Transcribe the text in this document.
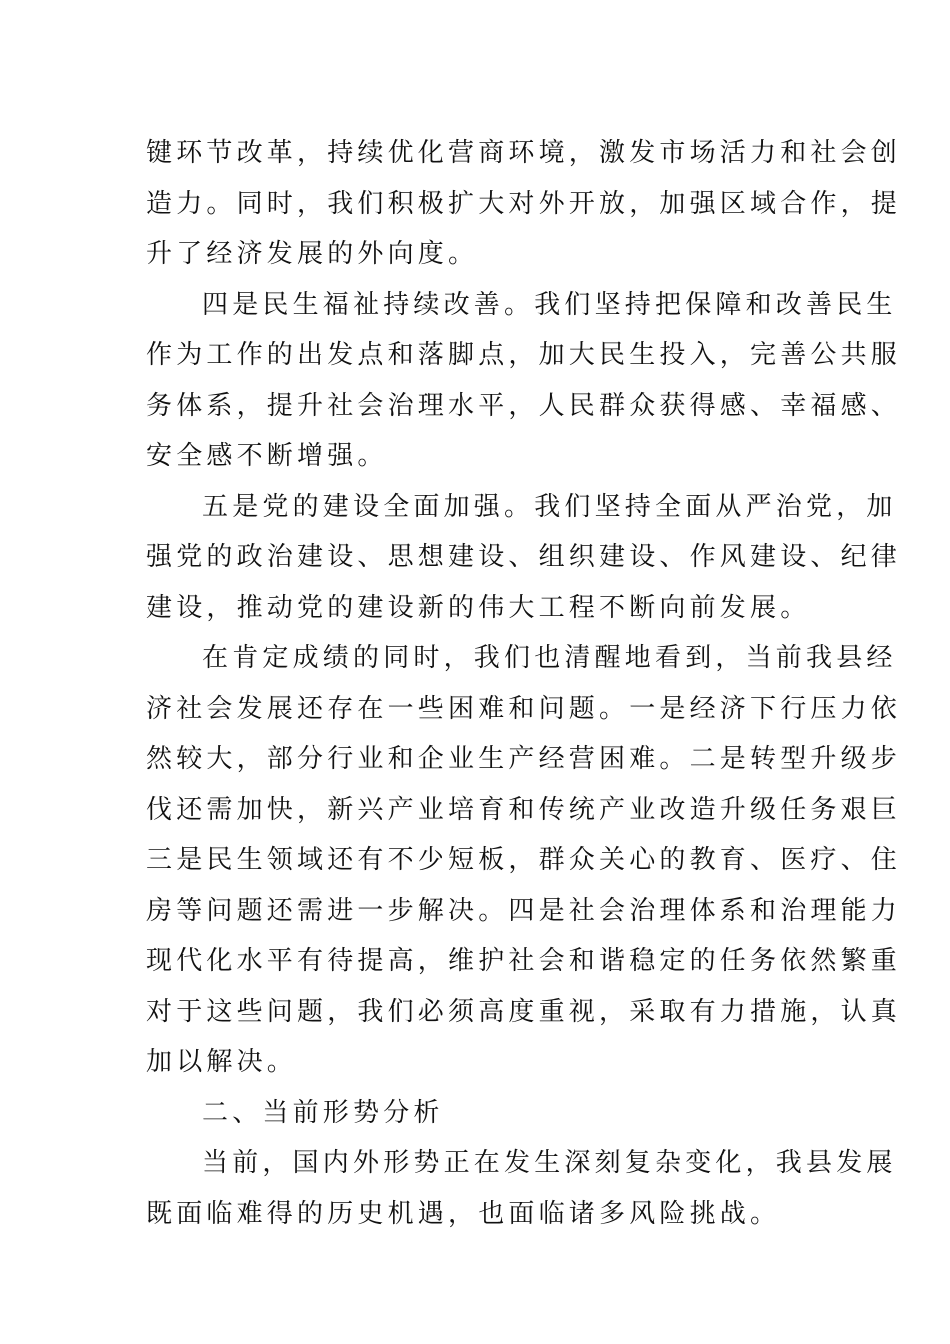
键环节改革，持续优化营商环境，激发市场活力和社会创
造力。同时，我们积极扩大对外开放，加强区域合作，提
升了经济发展的外向度。
四是民生福祉持续改善。我们坚持把保障和改善民生
作为工作的出发点和落脚点，加大民生投入，完善公共服
务体系，提升社会治理水平，人民群众获得感、幸福感、
安全感不断增强。
五是党的建设全面加强。我们坚持全面从严治党，加
强党的政治建设、思想建设、组织建设、作风建设、纪律
建设，推动党的建设新的伟大工程不断向前发展。
在肯定成绩的同时，我们也清醒地看到，当前我县经
济社会发展还存在一些困难和问题。一是经济下行压力依
然较大，部分行业和企业生产经营困难。二是转型升级步
伐还需加快，新兴产业培育和传统产业改造升级任务艰巨
三是民生领域还有不少短板，群众关心的教育、医疗、住
房等问题还需进一步解决。四是社会治理体系和治理能力
现代化水平有待提高，维护社会和谐稳定的任务依然繁重
对于这些问题，我们必须高度重视，采取有力措施，认真
加以解决。
二、当前形势分析
当前，国内外形势正在发生深刻复杂变化，我县发展
既面临难得的历史机遇，也面临诸多风险挑战。
